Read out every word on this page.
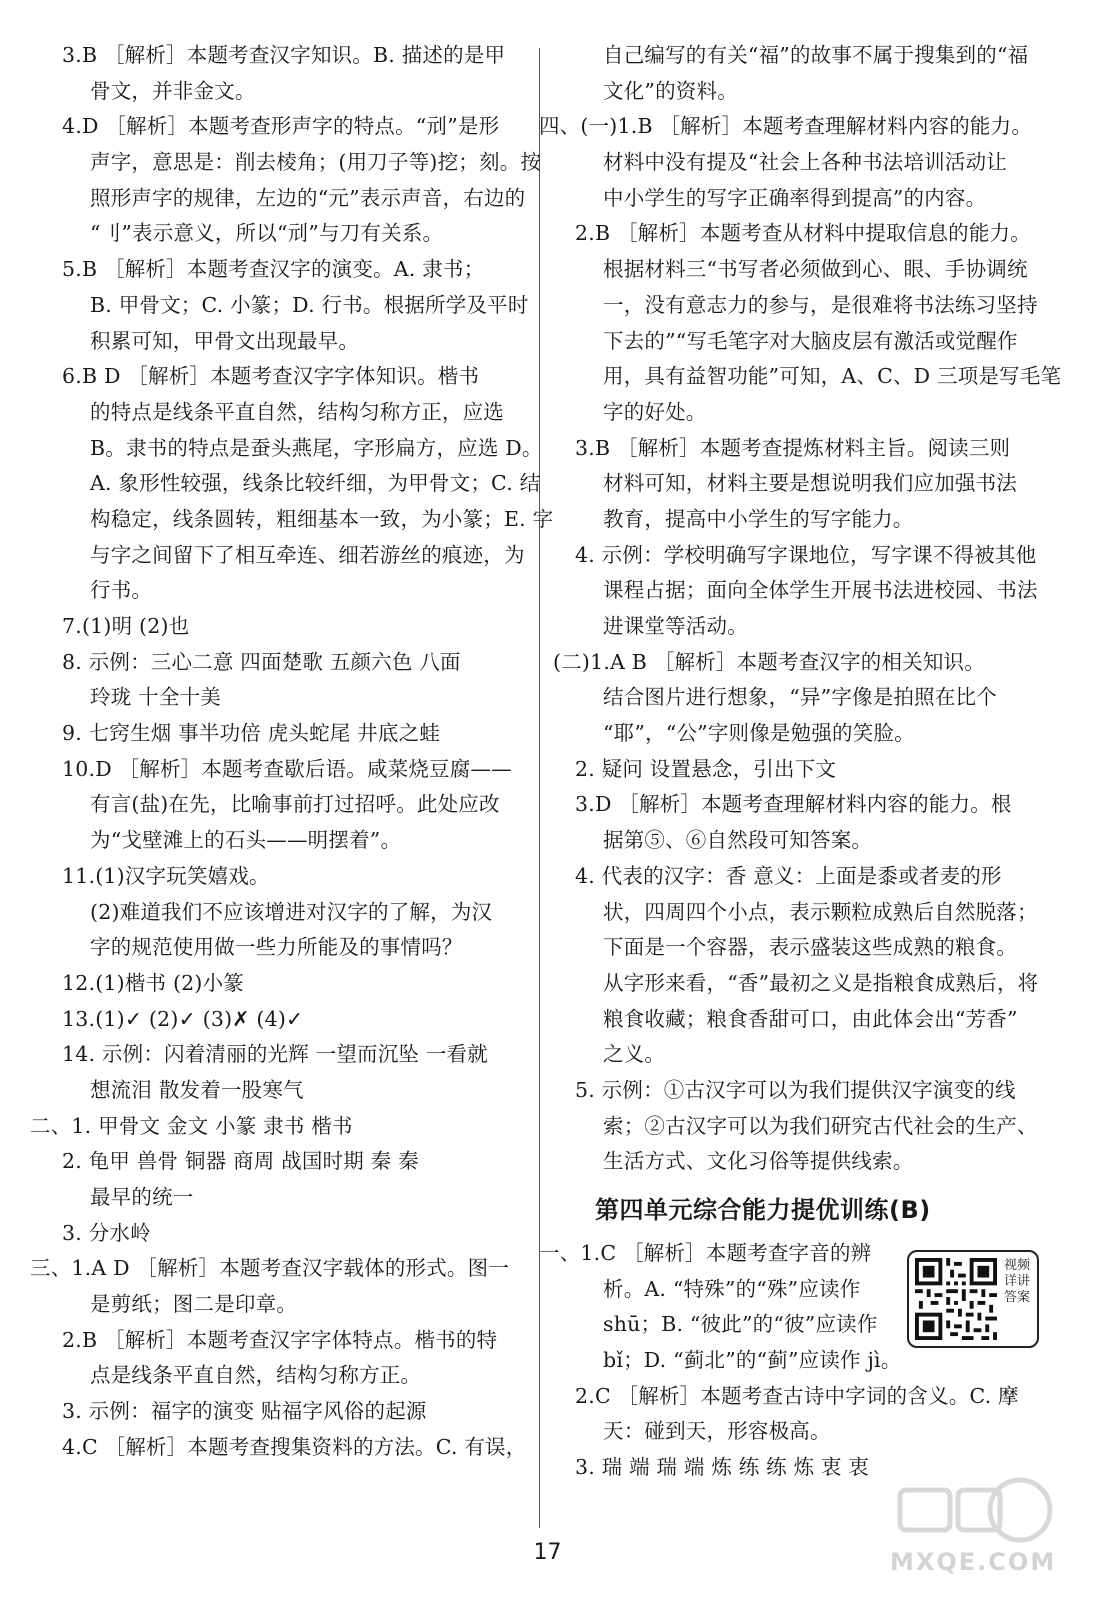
3.B ［解析］本题考查汉字知识。B. 描述的是甲
骨文，并非金文。
4.D ［解析］本题考查形声字的特点。“刓”是形
声字，意思是：削去棱角；(用刀子等)挖；刻。按
照形声字的规律，左边的“元”表示声音，右边的
“刂”表示意义，所以“刓”与刀有关系。
5.B ［解析］本题考查汉字的演变。A. 隶书；
B. 甲骨文；C. 小篆；D. 行书。根据所学及平时
积累可知，甲骨文出现最早。
6.B D ［解析］本题考查汉字字体知识。楷书
的特点是线条平直自然，结构匀称方正，应选
B。隶书的特点是蚕头燕尾，字形扁方，应选 D。
A. 象形性较强，线条比较纤细，为甲骨文；C. 结
构稳定，线条圆转，粗细基本一致，为小篆；E. 字
与字之间留下了相互牵连、细若游丝的痕迹，为
行书。
7.(1)明 (2)也
8. 示例：三心二意 四面楚歌 五颜六色 八面
玲珑 十全十美
9. 七窍生烟 事半功倍 虎头蛇尾 井底之蛙
10.D ［解析］本题考查歇后语。咸菜烧豆腐——
有言(盐)在先，比喻事前打过招呼。此处应改
为“戈壁滩上的石头——明摆着”。
11.(1)汉字玩笑嬉戏。
(2)难道我们不应该增进对汉字的了解，为汉
字的规范使用做一些力所能及的事情吗？
12.(1)楷书 (2)小篆
13.(1)✓ (2)✓ (3)✗ (4)✓
14. 示例：闪着清丽的光辉 一望而沉坠 一看就
想流泪 散发着一股寒气
二、1. 甲骨文 金文 小篆 隶书 楷书
2. 龟甲 兽骨 铜器 商周 战国时期 秦 秦
最早的统一
3. 分水岭
三、1.A D ［解析］本题考查汉字载体的形式。图一
是剪纸；图二是印章。
2.B ［解析］本题考查汉字字体特点。楷书的特
点是线条平直自然，结构匀称方正。
3. 示例：福字的演变 贴福字风俗的起源
4.C ［解析］本题考查搜集资料的方法。C. 有误，
自己编写的有关“福”的故事不属于搜集到的“福
文化”的资料。
四、(一)1.B ［解析］本题考查理解材料内容的能力。
材料中没有提及“社会上各种书法培训活动让
中小学生的写字正确率得到提高”的内容。
2.B ［解析］本题考查从材料中提取信息的能力。
根据材料三“书写者必须做到心、眼、手协调统
一，没有意志力的参与，是很难将书法练习坚持
下去的”“写毛笔字对大脑皮层有激活或觉醒作
用，具有益智功能”可知，A、C、D 三项是写毛笔
字的好处。
3.B ［解析］本题考查提炼材料主旨。阅读三则
材料可知，材料主要是想说明我们应加强书法
教育，提高中小学生的写字能力。
4. 示例：学校明确写字课地位，写字课不得被其他
课程占据；面向全体学生开展书法进校园、书法
进课堂等活动。
(二)1.A B ［解析］本题考查汉字的相关知识。
结合图片进行想象，“异”字像是拍照在比个
“耶”，“公”字则像是勉强的笑脸。
2. 疑问 设置悬念，引出下文
3.D ［解析］本题考查理解材料内容的能力。根
据第⑤、⑥自然段可知答案。
4. 代表的汉字：香 意义：上面是黍或者麦的形
状，四周四个小点，表示颗粒成熟后自然脱落；
下面是一个容器，表示盛装这些成熟的粮食。
从字形来看，“香”最初之义是指粮食成熟后，将
粮食收藏；粮食香甜可口，由此体会出“芳香”
之义。
5. 示例：①古汉字可以为我们提供汉字演变的线
索；②古汉字可以为我们研究古代社会的生产、
生活方式、文化习俗等提供线索。
第四单元综合能力提优训练(B)
一、1.C ［解析］本题考查字音的辨
析。A. “特殊”的“殊”应读作
shū；B. “彼此”的“彼”应读作
bǐ；D. “蓟北”的“蓟”应读作 jì。
2.C ［解析］本题考查古诗中字词的含义。C. 摩
天：碰到天，形容极高。
3. 瑞 端 瑞 端 炼 练 练 炼 衷 衷
视频详讲答案
17	MXQE.COM
